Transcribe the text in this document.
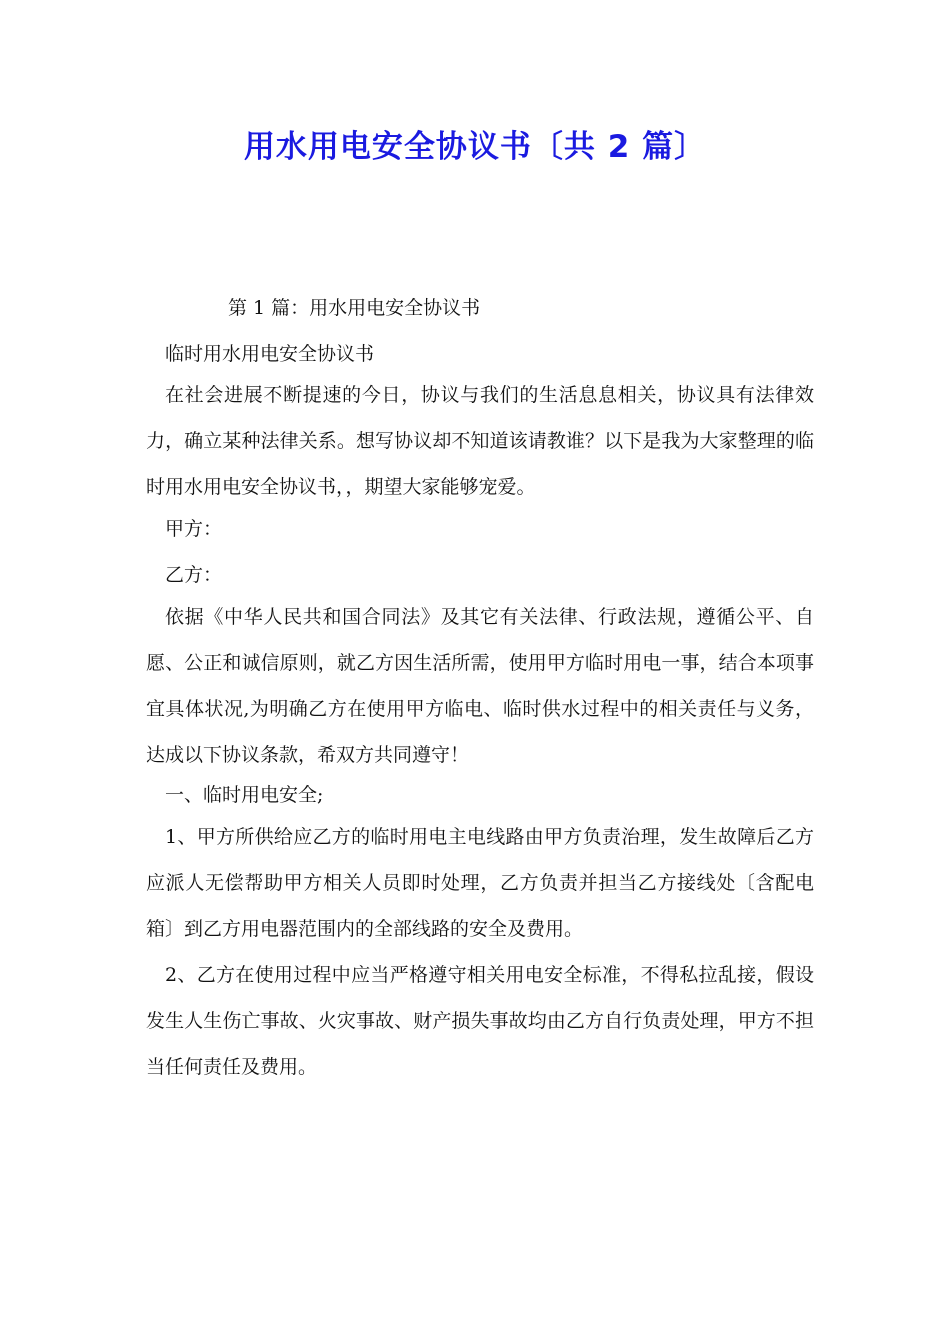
用水用电安全协议书〔共 2 篇〕

第 1 篇：用水用电安全协议书

临时用水用电安全协议书

在社会进展不断提速的今日，协议与我们的生活息息相关，协议具有法律效力，确立某种法律关系。想写协议却不知道该请教谁？以下是我为大家整理的临时用水用电安全协议书，，期望大家能够宠爱。

甲方：

乙方：

依据《中华人民共和国合同法》及其它有关法律、行政法规，遵循公平、自愿、公正和诚信原则，就乙方因生活所需，使用甲方临时用电一事，结合本项事宜具体状况,为明确乙方在使用甲方临电、临时供水过程中的相关责任与义务，达成以下协议条款，希双方共同遵守！

一、临时用电安全;

1、甲方所供给应乙方的临时用电主电线路由甲方负责治理，发生故障后乙方应派人无偿帮助甲方相关人员即时处理，乙方负责并担当乙方接线处〔含配电箱〕到乙方用电器范围内的全部线路的安全及费用。

2、乙方在使用过程中应当严格遵守相关用电安全标准，不得私拉乱接，假设发生人生伤亡事故、火灾事故、财产损失事故均由乙方自行负责处理，甲方不担当任何责任及费用。
